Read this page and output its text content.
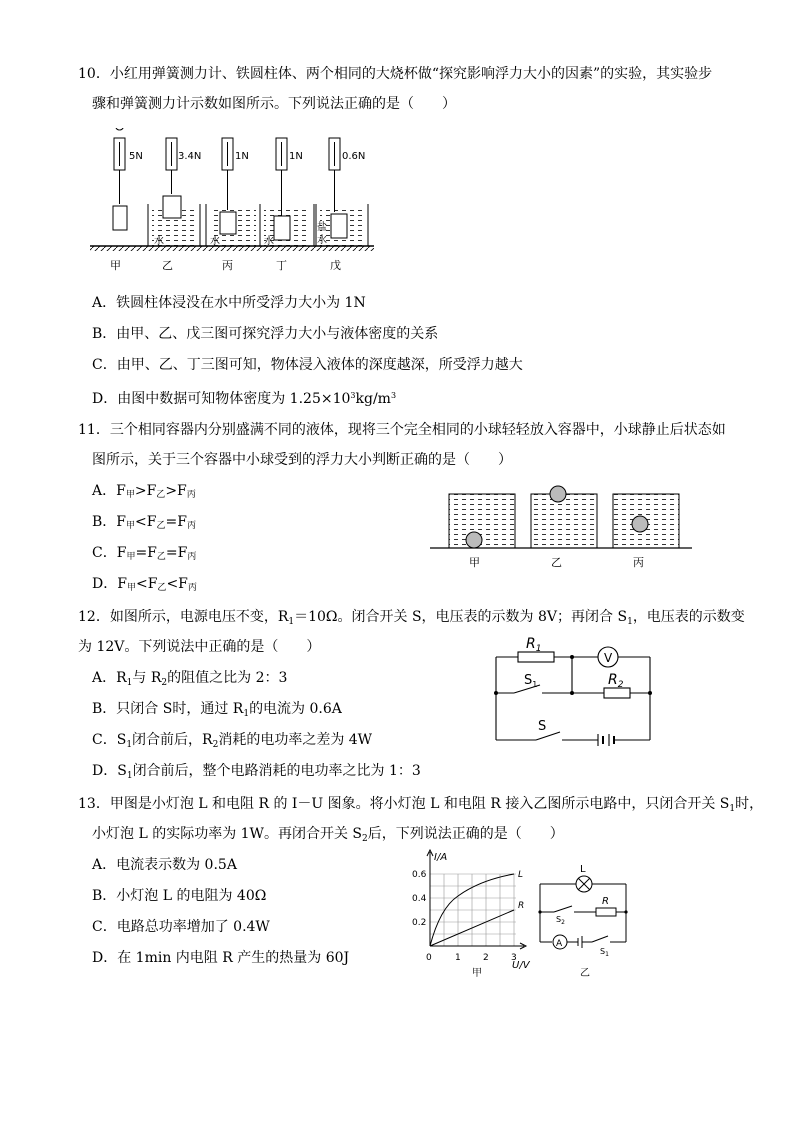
10．小红用弹簧测力计、铁圆柱体、两个相同的大烧杯做“探究影响浮力大小的因素”的实验，其实验步
骤和弹簧测力计示数如图所示。下列说法正确的是（　　）
5N	3.4N
水
1N
水
1N
水
0.6N
盐
水
甲	乙	丙	丁	戊
A．铁圆柱体浸没在水中所受浮力大小为 1N
B．由甲、乙、戊三图可探究浮力大小与液体密度的关系
C．由甲、乙、丁三图可知，物体浸入液体的深度越深，所受浮力越大
D．由图中数据可知物体密度为 $1.25\times 10^3kg/m^3$
11．三个相同容器内分别盛满不同的液体，现将三个完全相同的小球轻轻放入容器中，小球静止后状态如
图所示，关于三个容器中小球受到的浮力大小判断正确的是（　　）
A．F甲>F乙>F丙
B．F甲<F乙=F丙
C．F甲=F乙=F丙
D．F甲<F乙<F丙
甲	乙	丙
12．如图所示，电源电压不变，$R_1=10\Omega$。闭合开关 S，电压表的示数为 8V；再闭合 $S_1$，电压表的示数变
为 12V。下列说法中正确的是（　　）
A．$R_1$与 $R_2$的阻值之比为 2：3
B．只闭合 S时，通过 $R_1$的电流为 0.6A
C．$S_1$闭合前后，$R_2$消耗的电功率之差为 4W
D．$S_1$闭合前后，整个电路消耗的电功率之比为 1：3
$R_1$
V
$R_2$
$S_1$
S
13．甲图是小灯泡 L 和电阻 R 的 I－U 图象。将小灯泡 L 和电阻 R 接入乙图所示电路中，只闭合开关 $S_1$时，
小灯泡 L 的实际功率为 1W。再闭合开关 $S_2$后，下列说法正确的是（　　）
A．电流表示数为 0.5A
B．小灯泡 L 的电阻为 40Ω
C．电路总功率增加了 0.4W
D．在 1min 内电阻 R 产生的热量为 60J
I/A
U/V
0.6
0.4
0.2
0	1 2 3
L
R
甲
L
R
A
$S_2$
$S_1$
乙
